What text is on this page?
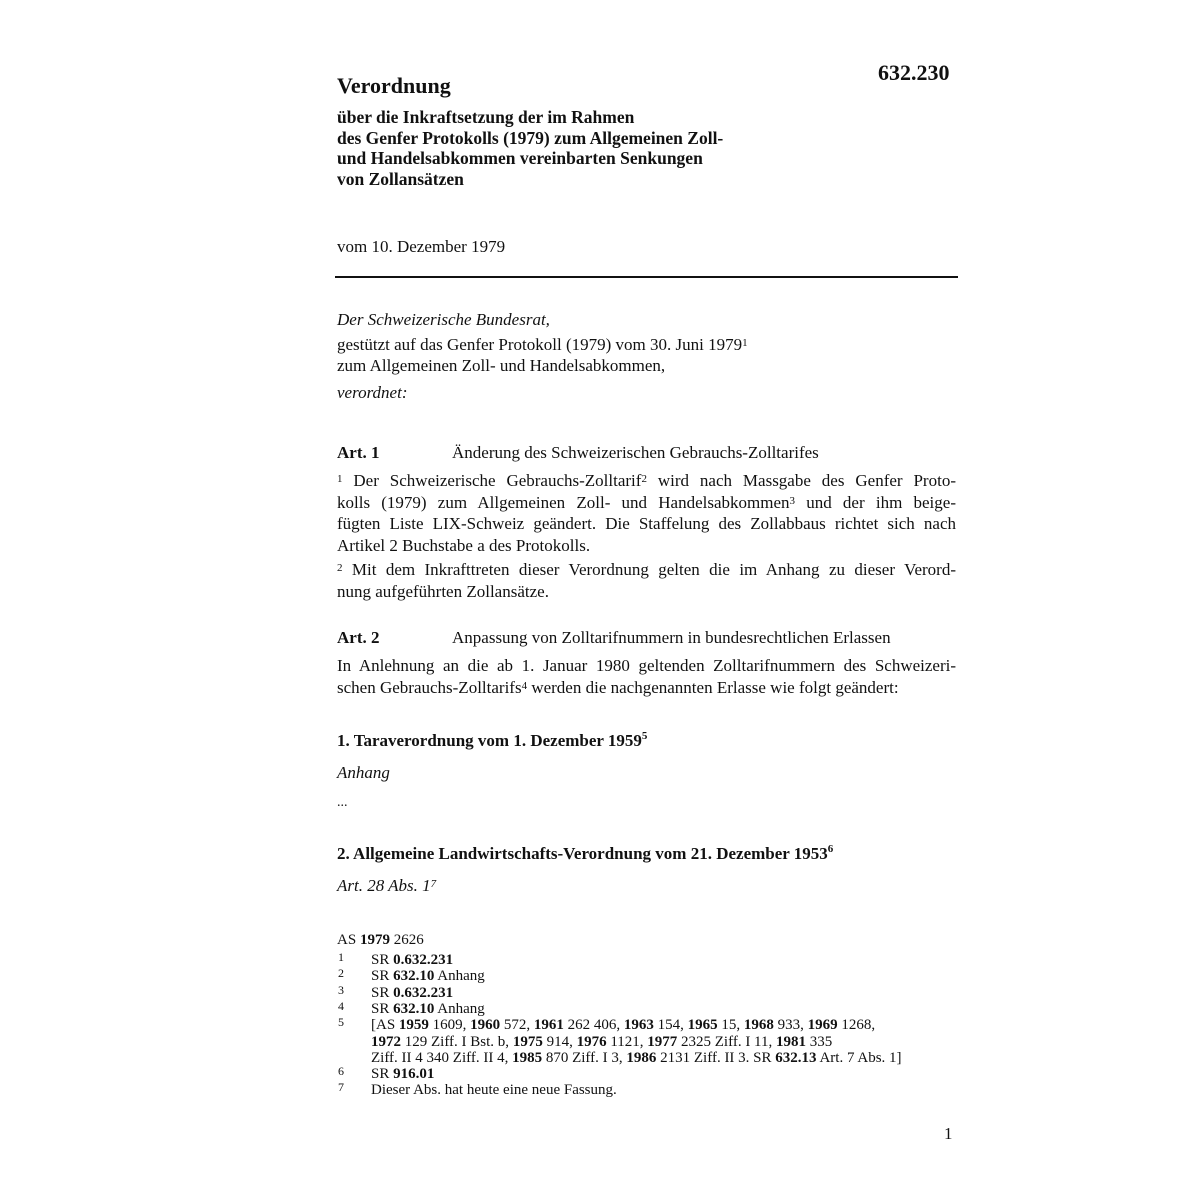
632.230
Verordnung
über die Inkraftsetzung der im Rahmen
des Genfer Protokolls (1979) zum Allgemeinen Zoll-
und Handelsabkommen vereinbarten Senkungen
von Zollansätzen
vom 10. Dezember 1979
Der Schweizerische Bundesrat,
gestützt auf das Genfer Protokoll (1979) vom 30. Juni 1979$^1$
zum Allgemeinen Zoll- und Handelsabkommen,
verordnet:
Art. 1	Änderung des Schweizerischen Gebrauchs-Zolltarifes
$^1$ Der Schweizerische Gebrauchs-Zolltarif$^2$ wird nach Massgabe des Genfer Proto-
kolls (1979) zum Allgemeinen Zoll- und Handelsabkommen$^3$ und der ihm beige-
fügten Liste LIX-Schweiz geändert. Die Staffelung des Zollabbaus richtet sich nach
Artikel 2 Buchstabe a des Protokolls.
$^2$ Mit dem Inkrafttreten dieser Verordnung gelten die im Anhang zu dieser Verord-
nung aufgeführten Zollansätze.
Art. 2	Anpassung von Zolltarifnummern in bundesrechtlichen Erlassen
In Anlehnung an die ab 1. Januar 1980 geltenden Zolltarifnummern des Schweizeri-
schen Gebrauchs-Zolltarifs$^4$ werden die nachgenannten Erlasse wie folgt geändert:
1. Taraverordnung vom 1. Dezember 1959$^5$
Anhang
...
2. Allgemeine Landwirtschafts-Verordnung vom 21. Dezember 1953$^6$
Art. 28 Abs. $1^7$
AS 1979 2626
1 SR 0.632.231
2 SR 632.10 Anhang
3 SR 0.632.231
4 SR 632.10 Anhang
5 [AS 1959 1609, 1960 572, 1961 262 406, 1963 154, 1965 15, 1968 933, 1969 1268,
1972 129 Ziff. I Bst. b, 1975 914, 1976 1121, 1977 2325 Ziff. I 11, 1981 335
Ziff. II 4 340 Ziff. II 4, 1985 870 Ziff. I 3, 1986 2131 Ziff. II 3. SR 632.13 Art. 7 Abs. 1]
6 SR 916.01
7 Dieser Abs. hat heute eine neue Fassung.
1
